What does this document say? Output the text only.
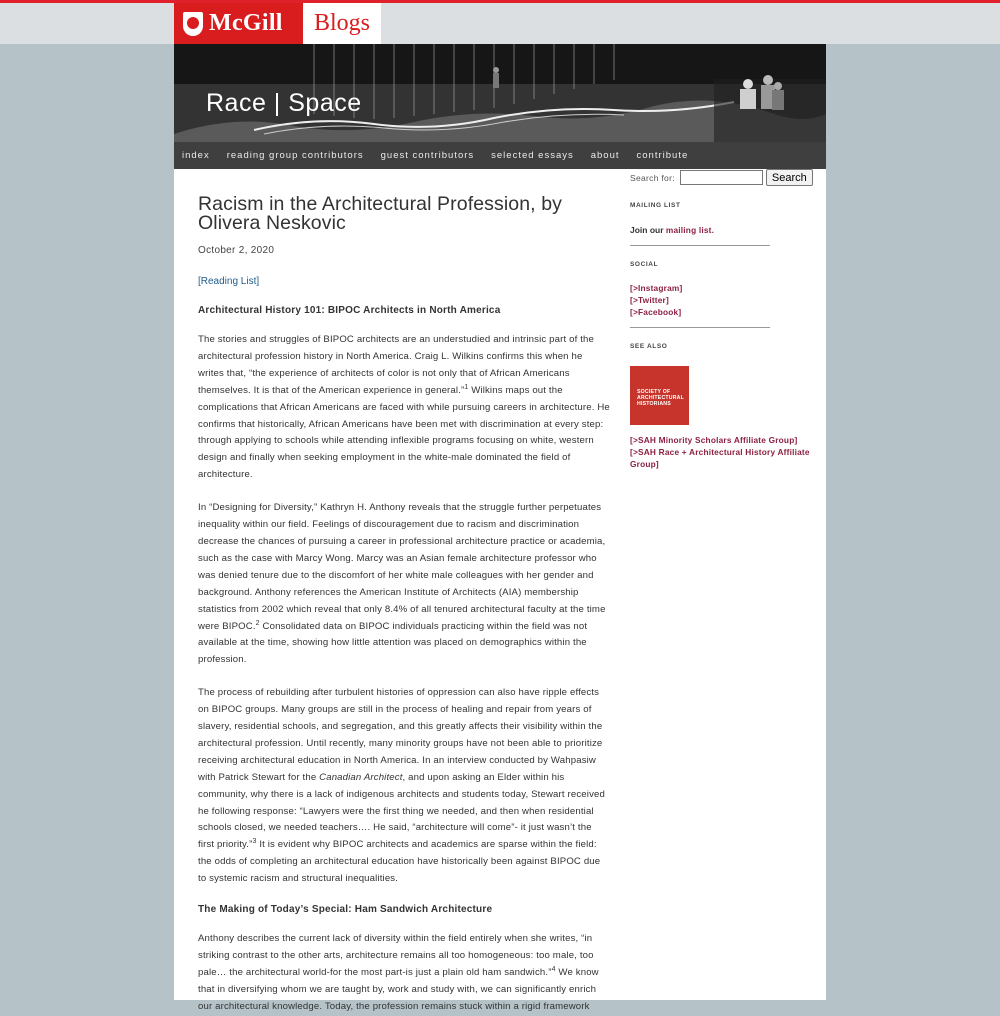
McGill	Blogs
Race | Space
index reading group contributors guest contributors selected essays about contribute
Racism in the Architectural Profession, by Olivera Neskovic
October 2, 2020
[Reading List]
Architectural History 101: BIPOC Architects in North America

The stories and struggles of BIPOC architects are an understudied and intrinsic part of the architectural profession history in North America. Craig L. Wilkins confirms this when he writes that, “the experience of architects of color is not only that of African Americans themselves. It is that of the American experience in general.”$^1$ Wilkins maps out the complications that African Americans are faced with while pursuing careers in architecture. He confirms that historically, African Americans have been met with discrimination at every step: through applying to schools while attending inflexible programs focusing on white, western design and finally when seeking employment in the white-male dominated the field of architecture.

In “Designing for Diversity,” Kathryn H. Anthony reveals that the struggle further perpetuates inequality within our field. Feelings of discouragement due to racism and discrimination decrease the chances of pursuing a career in professional architecture practice or academia, such as the case with Marcy Wong. Marcy was an Asian female architecture professor who was denied tenure due to the discomfort of her white male colleagues with her gender and background. Anthony references the American Institute of Architects (AIA) membership statistics from 2002 which reveal that only 8.4% of all tenured architectural faculty at the time were BIPOC.$^2$ Consolidated data on BIPOC individuals practicing within the field was not available at the time, showing how little attention was placed on demographics within the profession.

The process of rebuilding after turbulent histories of oppression can also have ripple effects on BIPOC groups. Many groups are still in the process of healing and repair from years of slavery, residential schools, and segregation, and this greatly affects their visibility within the architectural profession. Until recently, many minority groups have not been able to prioritize receiving architectural education in North America. In an interview conducted by Wahpasiw with Patrick Stewart for the Canadian Architect, and upon asking an Elder within his community, why there is a lack of indigenous architects and students today, Stewart received he following response: “Lawyers were the first thing we needed, and then when residential schools closed, we needed teachers…. He said, “architecture will come”- it just wasn’t the first priority.”$^3$ It is evident why BIPOC architects and academics are sparse within the field: the odds of completing an architectural education have historically been against BIPOC due to systemic racism and structural inequalities.

The Making of Today’s Special: Ham Sandwich Architecture

Anthony describes the current lack of diversity within the field entirely when she writes, “in striking contrast to the other arts, architecture remains all too homogeneous: too male, too pale… the architectural world-for the most part-is just a plain old ham sandwich.”$^4$ We know that in diversifying whom we are taught by, work and study with, we can significantly enrich our architectural knowledge. Today, the profession remains stuck within a rigid framework

Search for:	Search
MAILING LIST
Join our mailing list.
SOCIAL
[>Instagram]
[>Twitter]
[>Facebook]
SEE ALSO
SOCIETY OF
ARCHITECTURAL
HISTORIANS
[>SAH Minority Scholars Affiliate Group]
[>SAH Race + Architectural History Affiliate Group]
